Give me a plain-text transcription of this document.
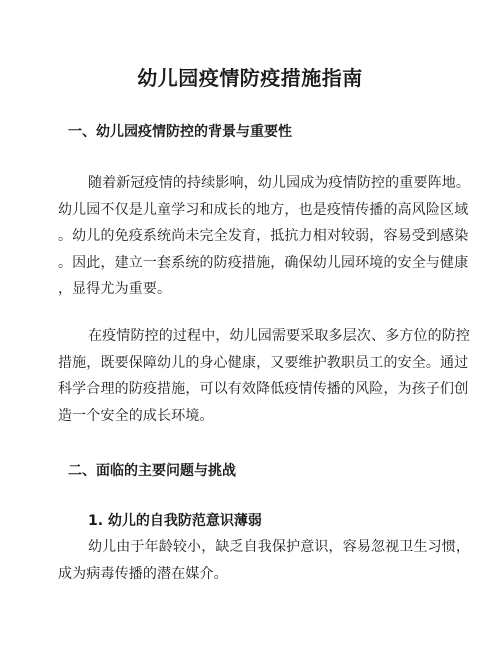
幼儿园疫情防疫措施指南
一、幼儿园疫情防控的背景与重要性
随着新冠疫情的持续影响，幼儿园成为疫情防控的重要阵地。
幼儿园不仅是儿童学习和成长的地方，也是疫情传播的高风险区域
。幼儿的免疫系统尚未完全发育，抵抗力相对较弱，容易受到感染
。因此，建立一套系统的防疫措施，确保幼儿园环境的安全与健康
，显得尤为重要。
在疫情防控的过程中，幼儿园需要采取多层次、多方位的防控
措施，既要保障幼儿的身心健康，又要维护教职员工的安全。通过
科学合理的防疫措施，可以有效降低疫情传播的风险，为孩子们创
造一个安全的成长环境。
二、面临的主要问题与挑战
1. 幼儿的自我防范意识薄弱
幼儿由于年龄较小，缺乏自我保护意识，容易忽视卫生习惯，
成为病毒传播的潜在媒介。
